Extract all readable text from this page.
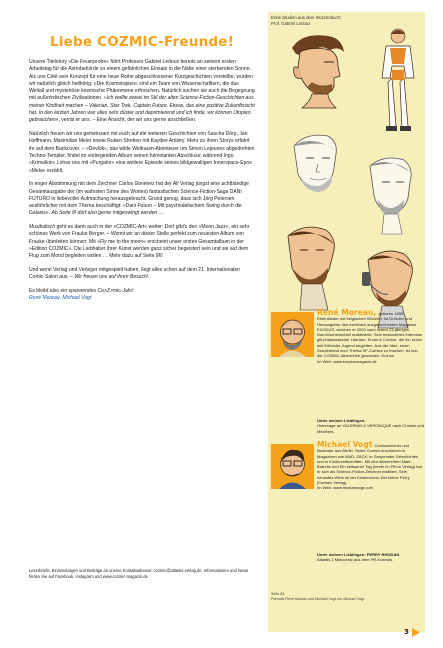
Liebe COZMIC-Freunde!

Unsere Titelstory »Die Feuerprobe« führt Professor Gabriel Ledoux bereits an seinem ersten Arbeitstag für die Astrobehörde zu einem gefährlichen Einsatz in die Nähe einer sterbenden Sonne. Als uns Cété sein Konzept für eine neue Reihe abgeschlossener Kurzgeschichten vorstellte, wurden wir natürlich gleich hellhörig: »Die Kosmotopien« sind ein Team von Wissenschaftlern, die das Weltall und mysteriöse kosmische Phänomene erforschen. Natürlich suchen sie auch die Begegnung mit außerirdischen Zivilisationen. »Ich wollte etwas im Stil der alten Science-Fiction-Geschichten aus meiner Kindheit machen – Valerian, Star Trek, Captain Future. Etwas, das eine positive Zukunftssicht hat. In den letzten Jahren war alles sehr düster und deprimierend und ich finde, wir können Utopien gebrauchen«, verrät er uns. – Eine Ansicht, der wir uns gerne anschließen.

Natürlich freuen wir uns gemeinsam mit euch auf die weiteren Geschichten von Sascha Dörp, Jan Hoffmann, Maximilian Meier sowie Ruben Stretton mit Kaydee Artistry. Mehr zu ihren Storys erfahrt ihr auf dem Backcover. – »Devlok«, das wilde Weltraum-Abenteuer um Simon Lejeunes abgedrehten Techno-Templer, findet im vorliegenden Album seinen fulminanten Abschluss; während Ingo »Krimalkin« Lohse uns mit »Purgator« eine weitere Episode seines bildgewaltigen Innerspace-Epos »Mela« erzählt.

In enger Abstimmung mit dem Zeichner Carlos Giménez hat der All Verlag jüngst eine achtbändige Gesamtausgabe der (im wahrsten Sinne des Wortes) fantastischen Science-Fiction-Saga DANI FUTURO in liebevoller Aufmachung herausgebracht. Grund genug, dass sich Jörg Petersen ausführlicher mit dem Thema beschäftigt: »Dani Futuro – Mit psychedelischem Swing durch die Galaxis«. Ab Seite 9! dürf also gerne mitgeswingt werden …

Musikalisch geht es dann auch in der »COZMIC-Art« weiter: Dort gibt's den »Moon Jazz«, ein sehr schönes Werk von Frauke Berger. – Womit wir an dieser Stelle perfekt zum neuesten Album von Frauke überleiten können: Mit »Fly me to the moon« erscheint unser erstes Gesamtalbum in der »Edition COZMIC«. Die Liebhaber ihrer Kunst werden ganz sicher begeistert sein und sie auf dem Flug zum Mond begleiten wollen … Mehr dazu auf Seite 96!

Und wenn Verlag und Verleger mitgespielt haben, liegt alles schon auf dem 21. Internationalen Comic-Salon aus. – Wir freuen uns auf Ihren Besuch!

Es bleibt also ein spannendes Co>Z>mic-Jahr!

René Moreau, Michael Vogt

Leserbriefe, Einsendungen und Beiträge an unsere Kontaktadresse: cozmic@atlantis-verlag.de. Informationen und News finden Sie auf Facebook, Instagram und www.cozmic-magazin.de
Erste Studien aus dem Skizzenbuch:
Prof. Gabriel Ledoux
René Moreau, geboren 1955, Rheinländer mit belgischen Wurzeln, ist Gründer und Herausgeber des mehrfach ausgezeichneten Magazins EXODUS, welches er 2003 nach einem 23-jährigen Dornröschenschlaf reaktivierte. Sein besonderes Interesse gilt phantastischer Literatur, Kunst & Comics, die ihn schon seit frühester Jugend begleiten. Aus der Idee, einen Sonderband zum Thema SF-Comics zu machen, ist nun die COZMIC-Albenreihe geworden. Gut so!
Im Web: www.exodusmagazin.de
Unter meinen Lieblingen:
Hommage an VALERIAN & VERONIQUE nach Christin und Mézières.
Michael Vogt Comiczeichner und Illustrator aus Berlin. Seine Comics erschienen in Magazinen wie MAD, ZACK, in Gespenster Geschichten und in Kinderzeitschriften. Mit den Albenreihen Mark Brandis und Ein seltsamer Tag (beide im Pinnn Verlag) hat er sich als Science-Fiction-Zeichner etabliert. Sein neuestes Werk ist der Kindercomic Der kleine Perry (Carlsen Verlag).
Im Web: www.michaelvogt.com
Unter meinen Lieblingen: PERRY RHODAN
Atlantis 2 Minicomic aus dem PR-Kosmos.
Seite 63:
Portraits René Moreau und Michael Vogt von Michael Vogt
3
